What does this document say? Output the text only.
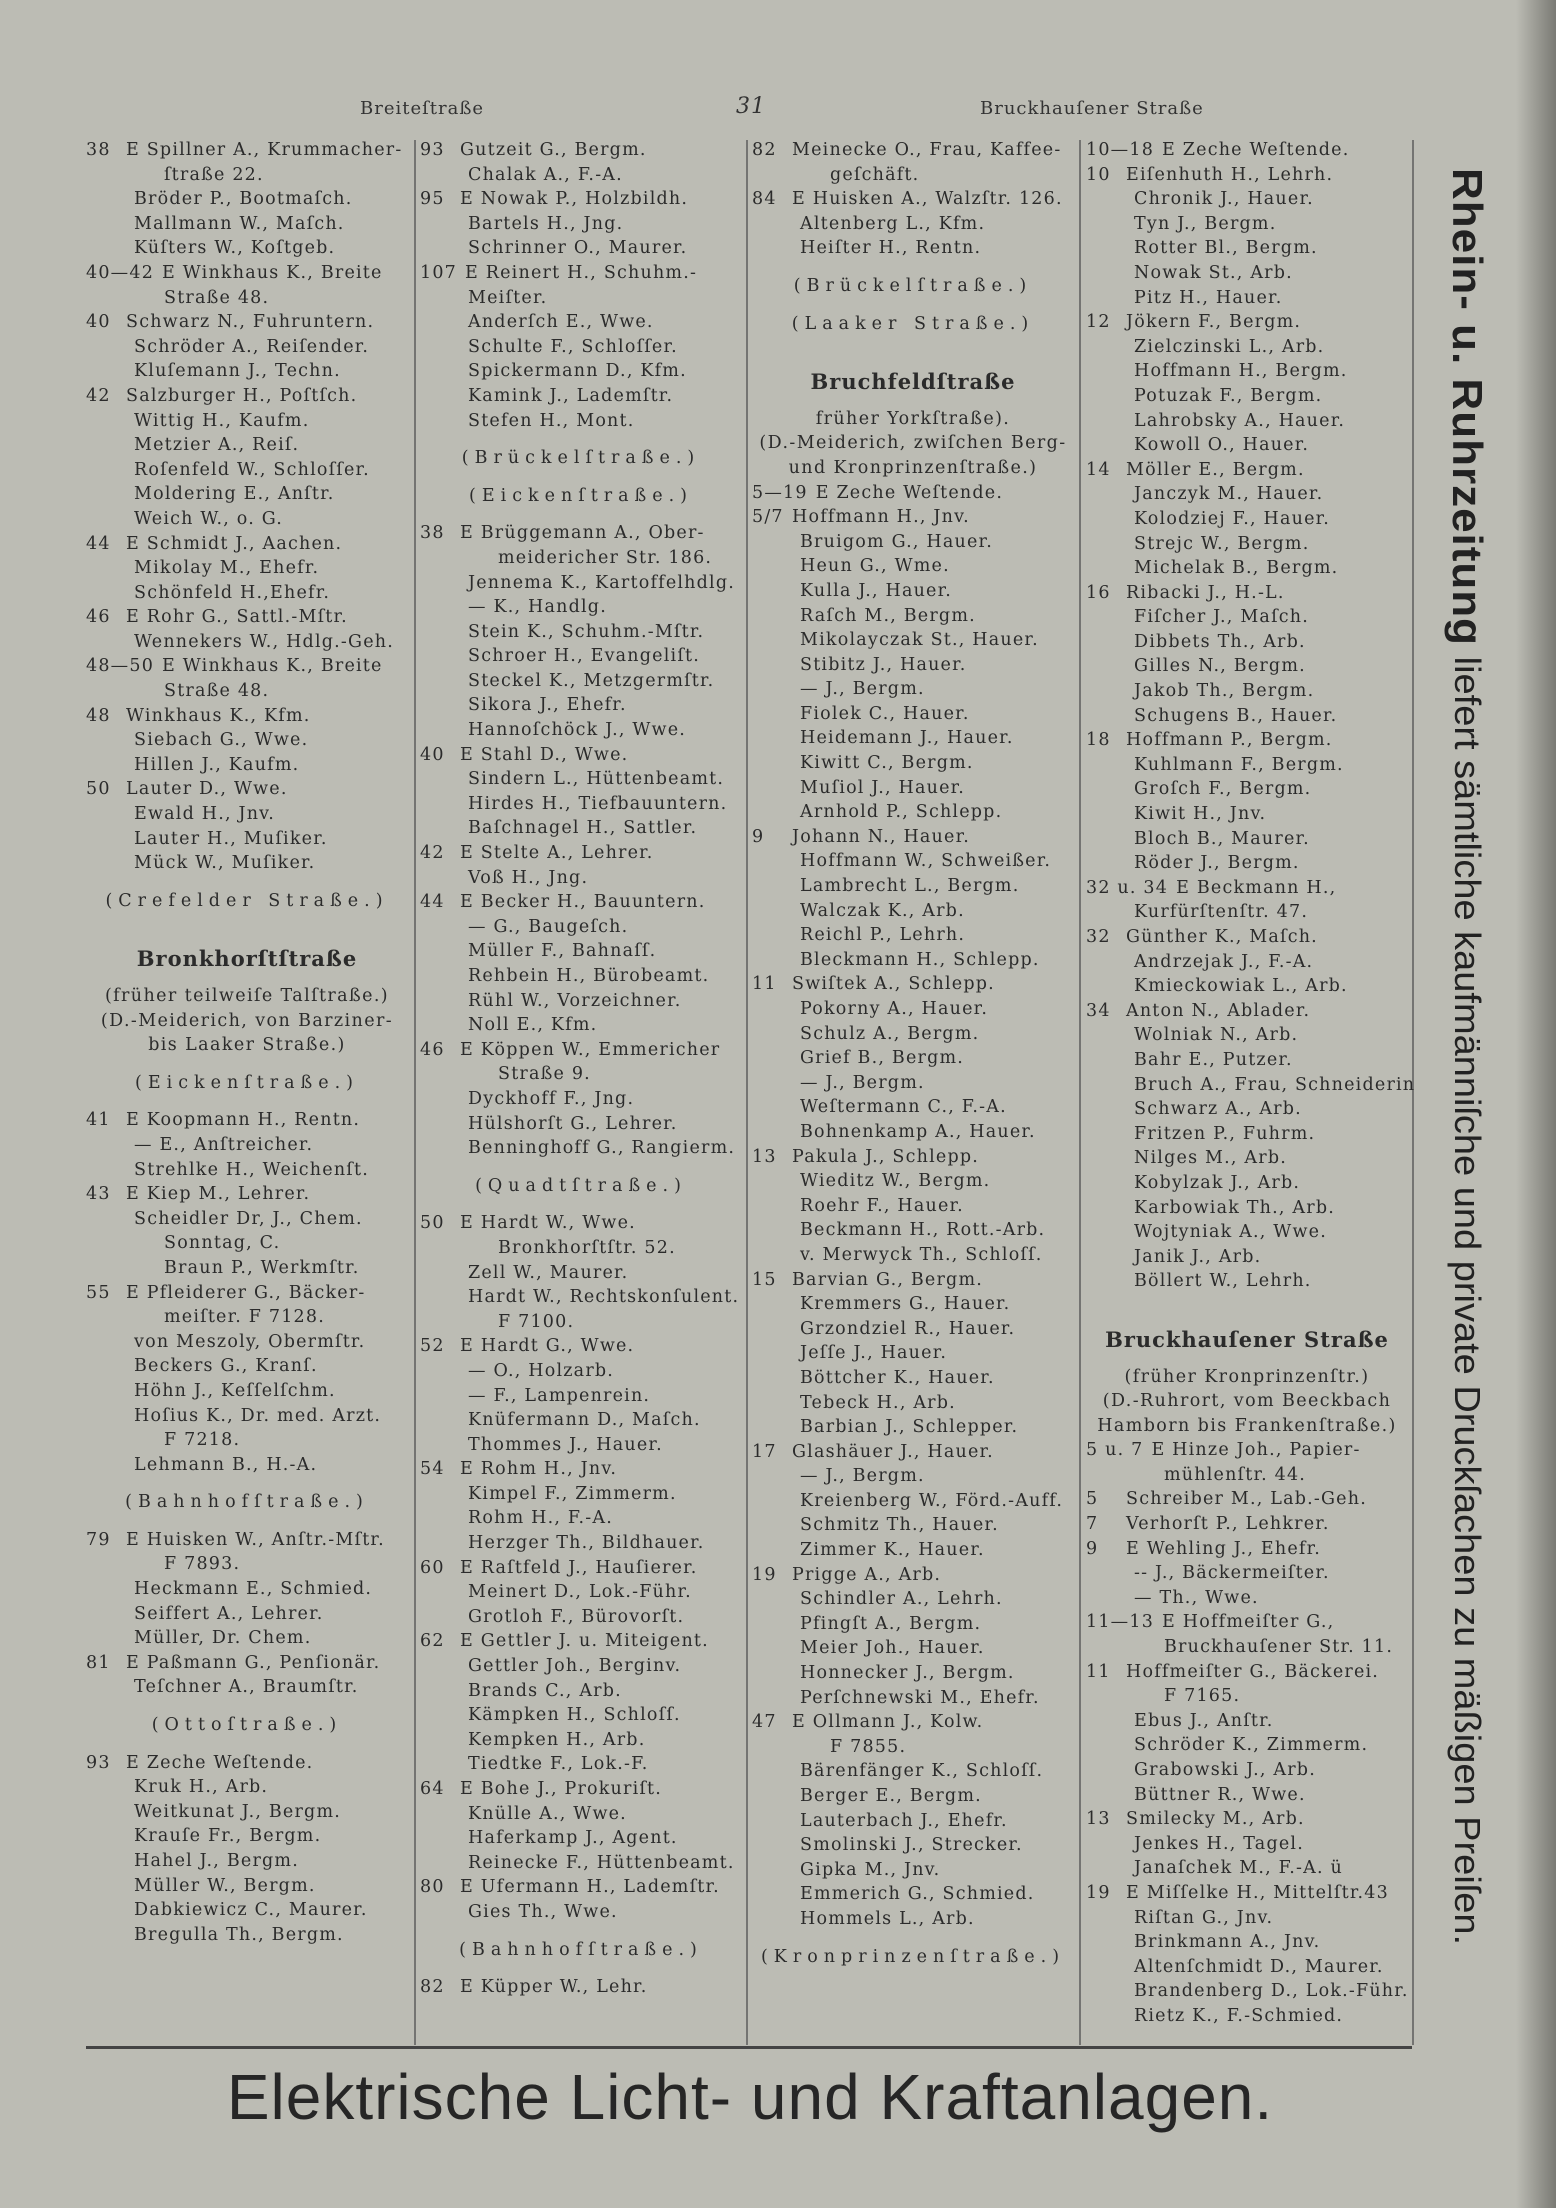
Breiteſtraße	31	Bruckhauſener Straße
38 E Spillner A., Krummacher-
ſtraße 22.
Bröder P., Bootmaſch.
Mallmann W., Maſch.
Küſters W., Koſtgeb.
40—42 E Winkhaus K., Breite
Straße 48.
40 Schwarz N., Fuhruntern.
Schröder A., Reiſender.
Kluſemann J., Techn.
42 Salzburger H., Poſtſch.
Wittig H., Kaufm.
Metzier A., Reiſ.
Roſenfeld W., Schloſſer.
Moldering E., Anſtr.
Weich W., o. G.
44 E Schmidt J., Aachen.
Mikolay M., Ehefr.
Schönfeld H.,Ehefr.
46 E Rohr G., Sattl.-Mſtr.
Wennekers W., Hdlg.-Geh.
48—50 E Winkhaus K., Breite
Straße 48.
48 Winkhaus K., Kfm.
Siebach G., Wwe.
Hillen J., Kaufm.
50 Lauter D., Wwe.
Ewald H., Jnv.
Lauter H., Muſiker.
Mück W., Muſiker.
(Crefelder Straße.)
Bronkhorſtſtraße
(früher teilweiſe Talſtraße.)
(D.-Meiderich, von Barziner-
bis Laaker Straße.)
(Eickenſtraße.)
41 E Koopmann H., Rentn.
— E., Anſtreicher.
Strehlke H., Weichenſt.
43 E Kiep M., Lehrer.
Scheidler Dr, J., Chem.
Sonntag, C.
Braun P., Werkmſtr.
55 E Pfleiderer G., Bäcker-
meiſter. F 7128.
von Meszoly, Obermſtr.
Beckers G., Kranſ.
Höhn J., Keſſelſchm.
Hoſius K., Dr. med. Arzt.
F 7218.
Lehmann B., H.-A.
(Bahnhofſtraße.)
79 E Huisken W., Anſtr.-Mſtr.
F 7893.
Heckmann E., Schmied.
Seiffert A., Lehrer.
Müller, Dr. Chem.
81 E Paßmann G., Penſionär.
Teſchner A., Braumſtr.
(Ottoſtraße.)
93 E Zeche Weſtende.
Kruk H., Arb.
Weitkunat J., Bergm.
Krauſe Fr., Bergm.
Hahel J., Bergm.
Müller W., Bergm.
Dabkiewicz C., Maurer.
Bregulla Th., Bergm.
93 Gutzeit G., Bergm.
Chalak A., F.-A.
95 E Nowak P., Holzbildh.
Bartels H., Jng.
Schrinner O., Maurer.
107 E Reinert H., Schuhm.-
Meiſter.
Anderſch E., Wwe.
Schulte F., Schloſſer.
Spickermann D., Kfm.
Kamink J., Lademſtr.
Stefen H., Mont.
(Brückelſtraße.)
(Eickenſtraße.)
38 E Brüggemann A., Ober-
meidericher Str. 186.
Jennema K., Kartoffelhdlg.
— K., Handlg.
Stein K., Schuhm.-Mſtr.
Schroer H., Evangeliſt.
Steckel K., Metzgermſtr.
Sikora J., Ehefr.
Hannoſchöck J., Wwe.
40 E Stahl D., Wwe.
Sindern L., Hüttenbeamt.
Hirdes H., Tiefbauuntern.
Baſchnagel H., Sattler.
42 E Stelte A., Lehrer.
Voß H., Jng.
44 E Becker H., Bauuntern.
— G., Baugeſch.
Müller F., Bahnaſſ.
Rehbein H., Bürobeamt.
Rühl W., Vorzeichner.
Noll E., Kfm.
46 E Köppen W., Emmericher
Straße 9.
Dyckhoff F., Jng.
Hülshorſt G., Lehrer.
Benninghoff G., Rangierm.
(Quadtſtraße.)
50 E Hardt W., Wwe.
Bronkhorſtſtr. 52.
Zell W., Maurer.
Hardt W., Rechtskonſulent.
F 7100.
52 E Hardt G., Wwe.
— O., Holzarb.
— F., Lampenrein.
Knüfermann D., Maſch.
Thommes J., Hauer.
54 E Rohm H., Jnv.
Kimpel F., Zimmerm.
Rohm H., F.-A.
Herzger Th., Bildhauer.
60 E Raſtfeld J., Hauſierer.
Meinert D., Lok.-Führ.
Grotloh F., Bürovorſt.
62 E Gettler J. u. Miteigent.
Gettler Joh., Berginv.
Brands C., Arb.
Kämpken H., Schloſſ.
Kempken H., Arb.
Tiedtke F., Lok.-F.
64 E Bohe J., Prokuriſt.
Knülle A., Wwe.
Haferkamp J., Agent.
Reinecke F., Hüttenbeamt.
80 E Ufermann H., Lademſtr.
Gies Th., Wwe.
(Bahnhofſtraße.)
82 E Küpper W., Lehr.
82 Meinecke O., Frau, Kaffee-
geſchäft.
84 E Huisken A., Walzſtr. 126.
Altenberg L., Kfm.
Heiſter H., Rentn.
(Brückelſtraße.)
(Laaker Straße.)
Bruchfeldſtraße
früher Yorkſtraße).
(D.-Meiderich, zwiſchen Berg-
und Kronprinzenſtraße.)
5—19 E Zeche Weſtende.
5/7 Hoffmann H., Jnv.
Bruigom G., Hauer.
Heun G., Wme.
Kulla J., Hauer.
Raſch M., Bergm.
Mikolayczak St., Hauer.
Stibitz J., Hauer.
— J., Bergm.
Fiolek C., Hauer.
Heidemann J., Hauer.
Kiwitt C., Bergm.
Muſiol J., Hauer.
Arnhold P., Schlepp.
9 Johann N., Hauer.
Hoffmann W., Schweißer.
Lambrecht L., Bergm.
Walczak K., Arb.
Reichl P., Lehrh.
Bleckmann H., Schlepp.
11 Swiſtek A., Schlepp.
Pokorny A., Hauer.
Schulz A., Bergm.
Grief B., Bergm.
— J., Bergm.
Weſtermann C., F.-A.
Bohnenkamp A., Hauer.
13 Pakula J., Schlepp.
Wieditz W., Bergm.
Roehr F., Hauer.
Beckmann H., Rott.-Arb.
v. Merwyck Th., Schloſſ.
15 Barvian G., Bergm.
Kremmers G., Hauer.
Grzondziel R., Hauer.
Jeſſe J., Hauer.
Böttcher K., Hauer.
Tebeck H., Arb.
Barbian J., Schlepper.
17 Glashäuer J., Hauer.
— J., Bergm.
Kreienberg W., Förd.-Auff.
Schmitz Th., Hauer.
Zimmer K., Hauer.
19 Prigge A., Arb.
Schindler A., Lehrh.
Pfingſt A., Bergm.
Meier Joh., Hauer.
Honnecker J., Bergm.
Perſchnewski M., Ehefr.
47 E Ollmann J., Kolw.
F 7855.
Bärenfänger K., Schloſſ.
Berger E., Bergm.
Lauterbach J., Ehefr.
Smolinski J., Strecker.
Gipka M., Jnv.
Emmerich G., Schmied.
Hommels L., Arb.
(Kronprinzenſtraße.)
10—18 E Zeche Weſtende.
10 Eiſenhuth H., Lehrh.
Chronik J., Hauer.
Tyn J., Bergm.
Rotter Bl., Bergm.
Nowak St., Arb.
Pitz H., Hauer.
12 Jökern F., Bergm.
Zielczinski L., Arb.
Hoffmann H., Bergm.
Potuzak F., Bergm.
Lahrobsky A., Hauer.
Kowoll O., Hauer.
14 Möller E., Bergm.
Janczyk M., Hauer.
Kolodziej F., Hauer.
Strejc W., Bergm.
Michelak B., Bergm.
16 Ribacki J., H.-L.
Fiſcher J., Maſch.
Dibbets Th., Arb.
Gilles N., Bergm.
Jakob Th., Bergm.
Schugens B., Hauer.
18 Hoffmann P., Bergm.
Kuhlmann F., Bergm.
Groſch F., Bergm.
Kiwit H., Jnv.
Bloch B., Maurer.
Röder J., Bergm.
32 u. 34 E Beckmann H.,
Kurfürſtenſtr. 47.
32 Günther K., Maſch.
Andrzejak J., F.-A.
Kmieckowiak L., Arb.
34 Anton N., Ablader.
Wolniak N., Arb.
Bahr E., Putzer.
Bruch A., Frau, Schneiderin
Schwarz A., Arb.
Fritzen P., Fuhrm.
Nilges M., Arb.
Kobylzak J., Arb.
Karbowiak Th., Arb.
Wojtyniak A., Wwe.
Janik J., Arb.
Böllert W., Lehrh.
Bruckhauſener Straße
(früher Kronprinzenſtr.)
(D.-Ruhrort, vom Beeckbach
Hamborn bis Frankenſtraße.)
5 u. 7 E Hinze Joh., Papier-
mühlenſtr. 44.
5 Schreiber M., Lab.-Geh.
7 Verhorſt P., Lehkrer.
9 E Wehling J., Ehefr.
-- J., Bäckermeiſter.
— Th., Wwe.
11—13 E Hoffmeiſter G.,
Bruckhauſener Str. 11.
11 Hoffmeiſter G., Bäckerei.
F 7165.
Ebus J., Anſtr.
Schröder K., Zimmerm.
Grabowski J., Arb.
Büttner R., Wwe.
13 Smilecky M., Arb.
Jenkes H., Tagel.
Janaſchek M., F.-A. ü
19 E Miſſelke H., Mittelſtr.43
Riſtan G., Jnv.
Brinkmann A., Jnv.
Altenſchmidt D., Maurer.
Brandenberg D., Lok.-Führ.
Rietz K., F.-Schmied.
Rhein- u. Ruhrzeitung liefert sämtliche kaufmänniſche und private Druckſachen zu mäßigen Preiſen.
Elektrische Licht- und Kraftanlagen.
